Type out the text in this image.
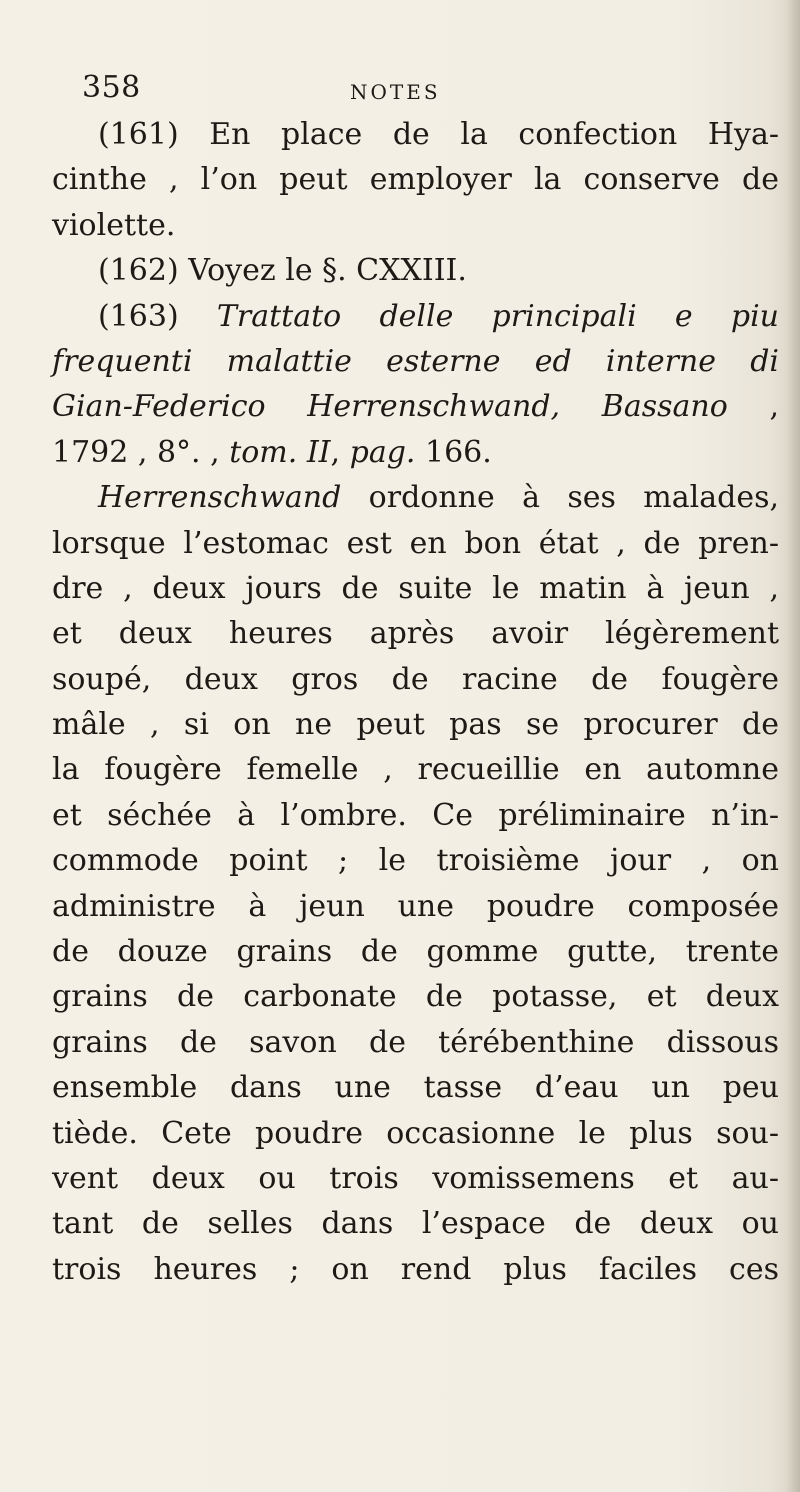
358	NOTES
(161) En place de la confection Hya-
cinthe , l’on peut employer la conserve de
violette.
(162) Voyez le §. CXXIII.
(163) Trattato delle principali e piu
frequenti malattie esterne ed interne di
Gian-Federico Herrenschwand, Bassano ,
1792 , 8°. , tom. II, pag. 166.
Herrenschwand ordonne à ses malades,
lorsque l’estomac est en bon état , de pren-
dre , deux jours de suite le matin à jeun ,
et deux heures après avoir légèrement
soupé, deux gros de racine de fougère
mâle , si on ne peut pas se procurer de
la fougère femelle , recueillie en automne
et séchée à l’ombre. Ce préliminaire n’in-
commode point ; le troisième jour , on
administre à jeun une poudre composée
de douze grains de gomme gutte, trente
grains de carbonate de potasse, et deux
grains de savon de térébenthine dissous
ensemble dans une tasse d’eau un peu
tiède. Cete poudre occasionne le plus sou-
vent deux ou trois vomissemens et au-
tant de selles dans l’espace de deux ou
trois heures ; on rend plus faciles ces
